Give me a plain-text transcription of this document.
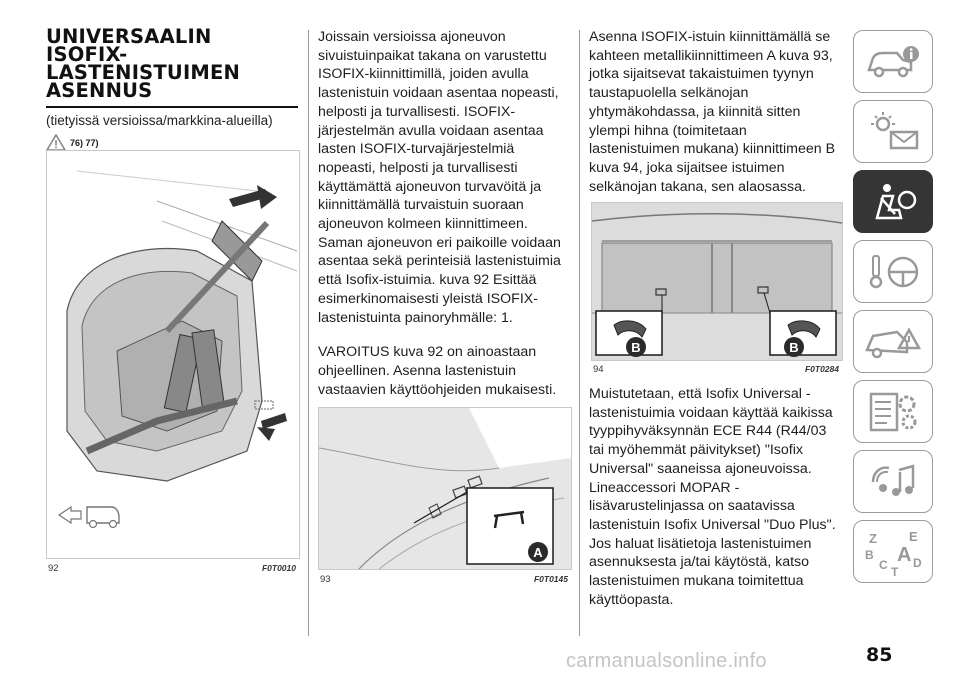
UNIVERSAALIN
ISOFIX-
LASTENISTUIMEN
ASENNUS
(tietyissä versioissa/markkina-alueilla)
76) 77)
92	F0T0010

Joissain versioissa ajoneuvon sivuistuinpaikat takana on varustettu ISOFIX-kiinnittimillä, joiden avulla lastenistuin voidaan asentaa nopeasti, helposti ja turvallisesti. ISOFIX-järjestelmän avulla voidaan asentaa lasten ISOFIX-turvajärjestelmiä nopeasti, helposti ja turvallisesti käyttämättä ajoneuvon turvavöitä ja kiinnittämällä turvaistuin suoraan ajoneuvon kolmeen kiinnittimeen. Saman ajoneuvon eri paikoille voidaan asentaa sekä perinteisiä lastenistuimia että Isofix-istuimia. kuva 92 Esittää esimerkinomaisesti yleistä ISOFIX-lastenistuinta painoryhmälle: 1.

VAROITUS kuva 92 on ainoastaan ohjeellinen. Asenna lastenistuin vastaavien käyttöohjeiden mukaisesti.

A
93	F0T0145

Asenna ISOFIX-istuin kiinnittämällä se kahteen metallikiinnittimeen A kuva 93, jotka sijaitsevat takaistuimen tyynyn taustapuolella selkänojan yhtymäkohdassa, ja kiinnitä sitten ylempi hihna (toimitetaan lastenistuimen mukana) kiinnittimeen B kuva 94, joka sijaitsee istuimen selkänojan takana, sen alaosassa.

B	B
94	F0T0284

Muistutetaan, että Isofix Universal -lastenistuimia voidaan käyttää kaikissa tyyppihyväksynnän ECE R44 (R44/03 tai myöhemmät päivitykset) "Isofix Universal" saaneissa ajoneuvoissa. Lineaccessori MOPAR -lisävarustelinjassa on saatavissa lastenistuin Isofix Universal "Duo Plus". Jos haluat lisätietoja lastenistuimen asennuksesta ja/tai käytöstä, katso lastenistuimen mukana toimitettua käyttöopasta.

Z E
B A
C D
T
carmanualsonline.info	85
